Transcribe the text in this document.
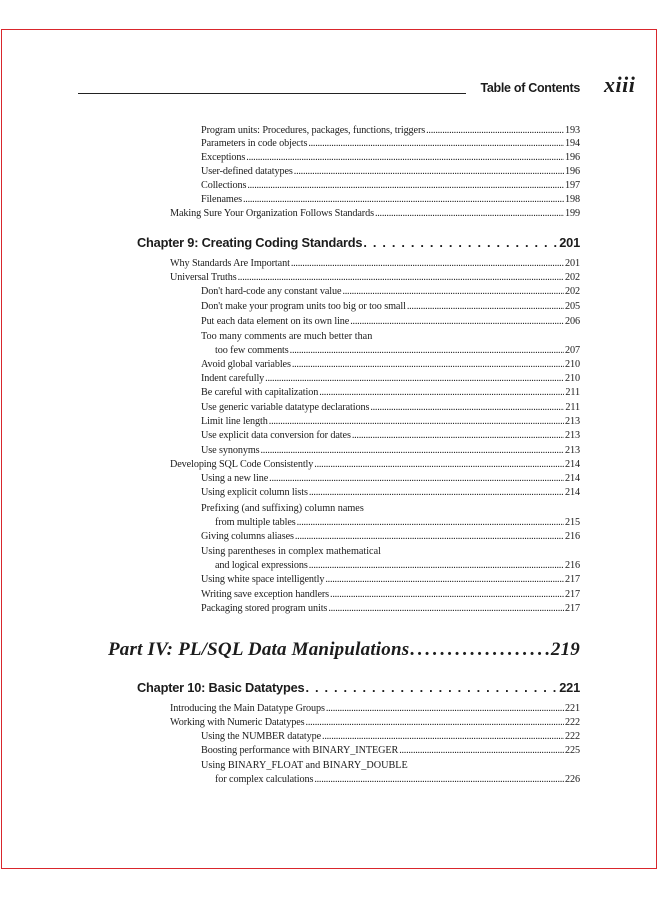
Table of Contents xiii
Program units: Procedures, packages, functions, triggers . . .	193
Parameters in code objects . . .	194
Exceptions . . .	196
User-defined datatypes . . .	196
Collections . . .	197
Filenames . . .	198
Making Sure Your Organization Follows Standards . . .	199
Chapter 9: Creating Coding Standards . . .	201
Why Standards Are Important . . .	201
Universal Truths . . .	202
Don't hard-code any constant value . . .	202
Don't make your program units too big or too small . . .	205
Put each data element on its own line . . .	206
Too many comments are much better than
too few comments . . .	207
Avoid global variables . . .	210
Indent carefully . . .	210
Be careful with capitalization . . .	211
Use generic variable datatype declarations . . .	211
Limit line length . . .	213
Use explicit data conversion for dates . . .	213
Use synonyms . . .	213
Developing SQL Code Consistently . . .	214
Using a new line . . .	214
Using explicit column lists . . .	214
Prefixing (and suffixing) column names
from multiple tables . . .	215
Giving columns aliases . . .	216
Using parentheses in complex mathematical
and logical expressions . . .	216
Using white space intelligently . . .	217
Writing save exception handlers . . .	217
Packaging stored program units . . .	217
Part IV: PL/SQL Data Manipulations . . .	219
Chapter 10: Basic Datatypes . . .	221
Introducing the Main Datatype Groups . . .	221
Working with Numeric Datatypes . . .	222
Using the NUMBER datatype . . .	222
Boosting performance with BINARY_INTEGER . . .	225
Using BINARY_FLOAT and BINARY_DOUBLE
for complex calculations . . .	226
